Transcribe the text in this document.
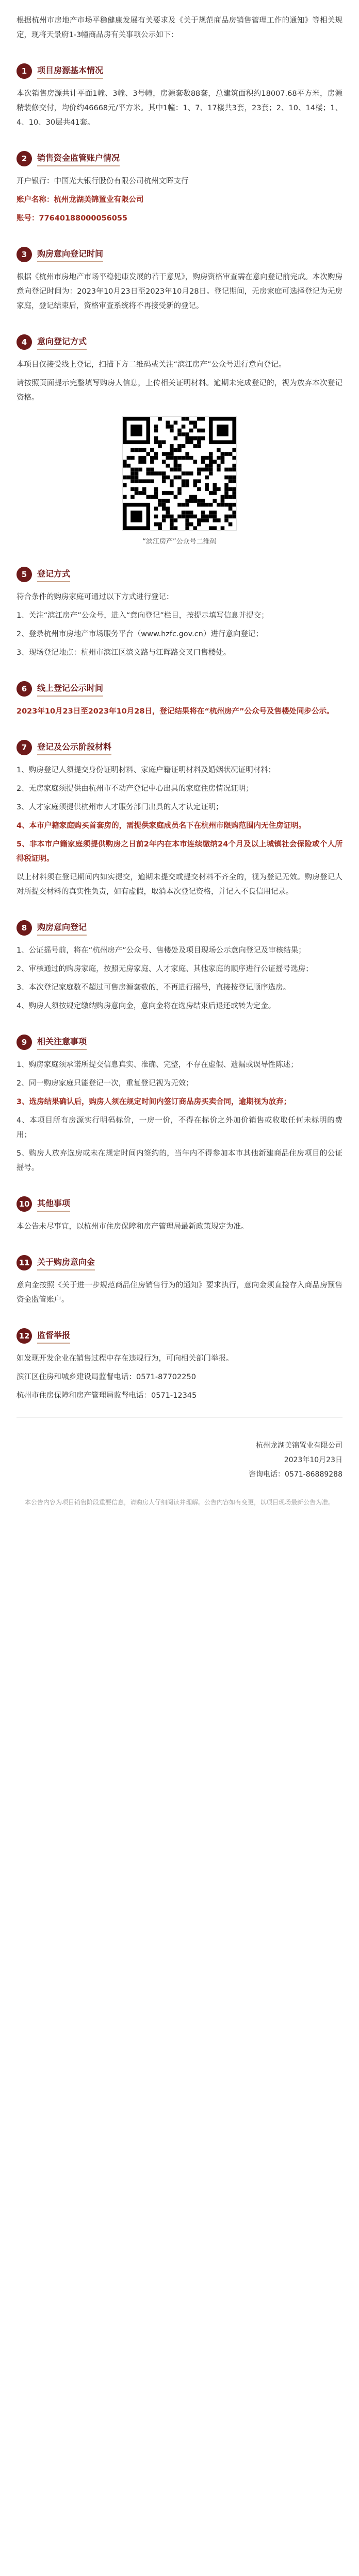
根据杭州市房地产市场平稳健康发展有关要求及《关于规范商品房销售管理工作的通知》等相关规定，现将天景府1-3幢商品房有关事项公示如下：
1	项目房源基本情况
本次销售房源共计平面1幢、3幢、3号幢，房源套数88套，总建筑面积约18007.68平方米，房源精装修交付，均价约46668元/平方米。其中1幢：1、7、17楼共3套，23套；2、10、14楼；1、4、10、30层共41套。
2	销售资金监管账户情况
开户银行：中国光大银行股份有限公司杭州文晖支行
账户名称：杭州龙湖美锦置业有限公司
账号：77640188000056055
3	购房意向登记时间
根据《杭州市房地产市场平稳健康发展的若干意见》，购房资格审查需在意向登记前完成。本次购房意向登记时间为：2023年10月23日至2023年10月28日。登记期间，无房家庭可选择登记为无房家庭，登记结束后，资格审查系统将不再接受新的登记。
4	意向登记方式
本项目仅接受线上登记，扫描下方二维码或关注“滨江房产”公众号进行意向登记。
请按照页面提示完整填写购房人信息，上传相关证明材料。逾期未完成登记的，视为放弃本次登记资格。
“滨江房产”公众号二维码
5	登记方式
符合条件的购房家庭可通过以下方式进行登记：
1、关注“滨江房产”公众号，进入“意向登记”栏目，按提示填写信息并提交；
2、登录杭州市房地产市场服务平台（www.hzfc.gov.cn）进行意向登记；
3、现场登记地点：杭州市滨江区滨文路与江晖路交叉口售楼处。
6	线上登记公示时间
2023年10月23日至2023年10月28日，登记结果将在“杭州房产”公众号及售楼处同步公示。
7	登记及公示阶段材料
1、购房登记人须提交身份证明材料、家庭户籍证明材料及婚姻状况证明材料；
2、无房家庭须提供由杭州市不动产登记中心出具的家庭住房情况证明；
3、人才家庭须提供杭州市人才服务部门出具的人才认定证明；
4、本市户籍家庭购买首套房的，需提供家庭成员名下在杭州市限购范围内无住房证明。
5、非本市户籍家庭须提供购房之日前2年内在本市连续缴纳24个月及以上城镇社会保险或个人所得税证明。
以上材料须在登记期间内如实提交，逾期未提交或提交材料不齐全的，视为登记无效。购房登记人对所提交材料的真实性负责，如有虚假，取消本次登记资格，并记入不良信用记录。
8	购房意向登记
1、公证摇号前，将在“杭州房产”公众号、售楼处及项目现场公示意向登记及审核结果；
2、审核通过的购房家庭，按照无房家庭、人才家庭、其他家庭的顺序进行公证摇号选房；
3、本次登记家庭数不超过可售房源套数的，不再进行摇号，直接按登记顺序选房。
4、购房人须按规定缴纳购房意向金，意向金将在选房结束后退还或转为定金。
9	相关注意事项
1、购房家庭须承诺所提交信息真实、准确、完整，不存在虚假、遗漏或误导性陈述；
2、同一购房家庭只能登记一次，重复登记视为无效；
3、选房结果确认后，购房人须在规定时间内签订商品房买卖合同，逾期视为放弃；
4、本项目所有房源实行明码标价，一房一价，不得在标价之外加价销售或收取任何未标明的费用；
5、购房人放弃选房或未在规定时间内签约的，当年内不得参加本市其他新建商品住房项目的公证摇号。
10 其他事项
本公告未尽事宜，以杭州市住房保障和房产管理局最新政策规定为准。
11 关于购房意向金
意向金按照《关于进一步规范商品住房销售行为的通知》要求执行，意向金须直接存入商品房预售资金监管账户。
12 监督举报
如发现开发企业在销售过程中存在违规行为，可向相关部门举报。
滨江区住房和城乡建设局监督电话：0571-87702250
杭州市住房保障和房产管理局监督电话：0571-12345
杭州龙湖美锦置业有限公司
2023年10月23日
咨询电话：0571-86889288
本公告内容为项目销售阶段重要信息，请购房人仔细阅读并理解。公告内容如有变更，以项目现场最新公告为准。
